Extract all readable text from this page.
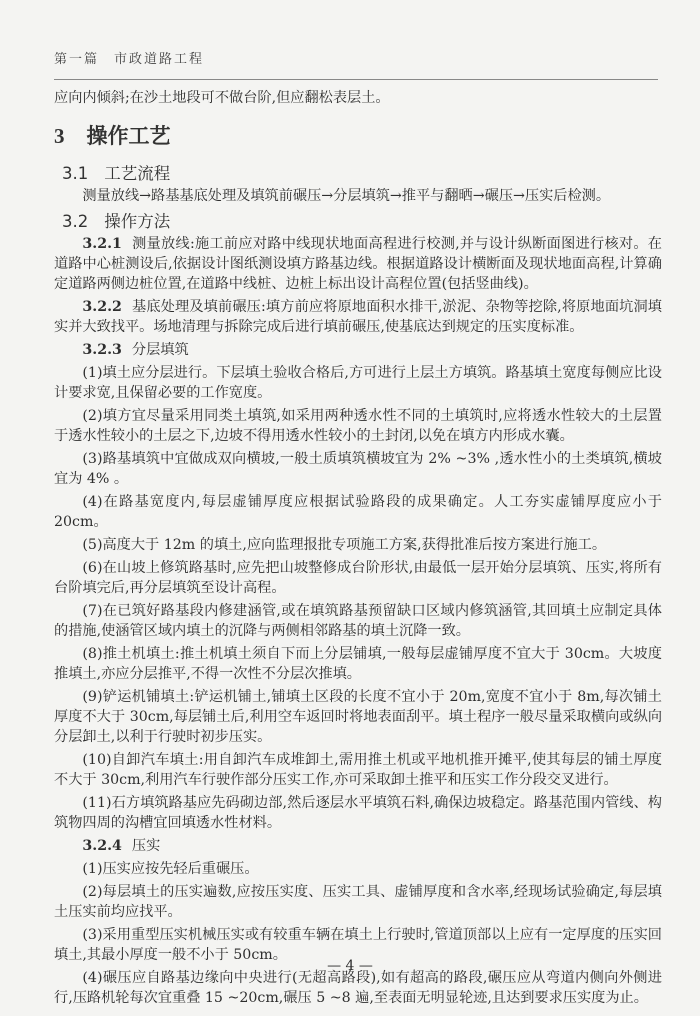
第一篇　市政道路工程

应向内倾斜;在沙土地段可不做台阶,但应翻松表层土。

3 操作工艺
3.1 工艺流程

测量放线→路基基底处理及填筑前碾压→分层填筑→推平与翻晒→碾压→压实后检测。

3.2 操作方法

3.2.1 测量放线:施工前应对路中线现状地面高程进行校测,并与设计纵断面图进行核对。在道路中心桩测设后,依据设计图纸测设填方路基边线。根据道路设计横断面及现状地面高程,计算确定道路两侧边桩位置,在道路中线桩、边桩上标出设计高程位置(包括竖曲线)。

3.2.2 基底处理及填前碾压:填方前应将原地面积水排干,淤泥、杂物等挖除,将原地面坑洞填实并大致找平。场地清理与拆除完成后进行填前碾压,使基底达到规定的压实度标准。

3.2.3 分层填筑

(1)填土应分层进行。下层填土验收合格后,方可进行上层土方填筑。路基填土宽度每侧应比设计要求宽,且保留必要的工作宽度。

(2)填方宜尽量采用同类土填筑,如采用两种透水性不同的土填筑时,应将透水性较大的土层置于透水性较小的土层之下,边坡不得用透水性较小的土封闭,以免在填方内形成水囊。

(3)路基填筑中宜做成双向横坡,一般土质填筑横坡宜为 2% ~3% ,透水性小的土类填筑,横坡宜为 4% 。

(4)在路基宽度内,每层虚铺厚度应根据试验路段的成果确定。人工夯实虚铺厚度应小于 20cm。

(5)高度大于 12m 的填土,应向监理报批专项施工方案,获得批准后按方案进行施工。

(6)在山坡上修筑路基时,应先把山坡整修成台阶形状,由最低一层开始分层填筑、压实,将所有台阶填完后,再分层填筑至设计高程。

(7)在已筑好路基段内修建涵管,或在填筑路基预留缺口区域内修筑涵管,其回填土应制定具体的措施,使涵管区域内填土的沉降与两侧相邻路基的填土沉降一致。

(8)推土机填土:推土机填土须自下而上分层铺填,一般每层虚铺厚度不宜大于 30cm。大坡度推填土,亦应分层推平,不得一次性不分层次推填。

(9)铲运机铺填土:铲运机铺土,铺填土区段的长度不宜小于 20m,宽度不宜小于 8m,每次铺土厚度不大于 30cm,每层铺土后,利用空车返回时将地表面刮平。填土程序一般尽量采取横向或纵向分层卸土,以利于行驶时初步压实。

(10)自卸汽车填土:用自卸汽车成堆卸土,需用推土机或平地机推开摊平,使其每层的铺土厚度不大于 30cm,利用汽车行驶作部分压实工作,亦可采取卸土推平和压实工作分段交叉进行。

(11)石方填筑路基应先码砌边部,然后逐层水平填筑石料,确保边坡稳定。路基范围内管线、构筑物四周的沟槽宜回填透水性材料。

3.2.4 压实

(1)压实应按先轻后重碾压。

(2)每层填土的压实遍数,应按压实度、压实工具、虚铺厚度和含水率,经现场试验确定,每层填土压实前均应找平。

(3)采用重型压实机械压实或有较重车辆在填土上行驶时,管道顶部以上应有一定厚度的压实回填土,其最小厚度一般不小于 50cm。

(4)碾压应自路基边缘向中央进行(无超高路段),如有超高的路段,碾压应从弯道内侧向外侧进行,压路机轮每次宜重叠 15 ~20cm,碾压 5 ~8 遍,至表面无明显轮迹,且达到要求压实度为止。

— 4 —
